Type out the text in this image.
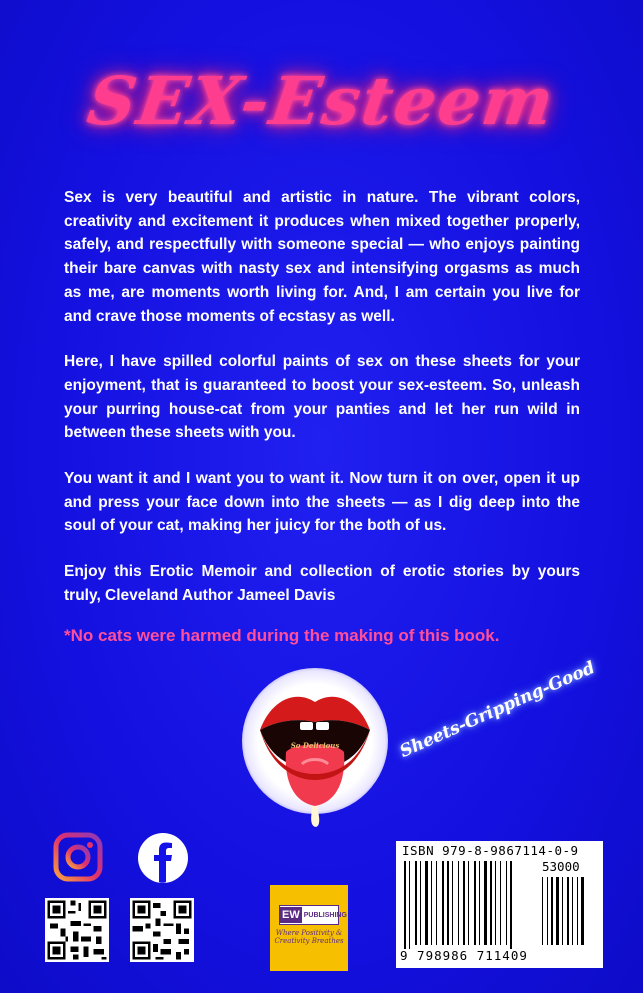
SEX-Esteem

Sex is very beautiful and artistic in nature. The vibrant colors, creativity and excitement it produces when mixed together properly, safely, and respectfully with someone special — who enjoys painting their bare canvas with nasty sex and intensifying orgasms as much as me, are moments worth living for. And, I am certain you live for and crave those moments of ecstasy as well.

Here, I have spilled colorful paints of sex on these sheets for your enjoyment, that is guaranteed to boost your sex-esteem. So, unleash your purring house-cat from your panties and let her run wild in between these sheets with you.

You want it and I want you to want it. Now turn it on over, open it up and press your face down into the sheets — as I dig deep into the soul of your cat, making her juicy for the both of us.

Enjoy this Erotic Memoir and collection of erotic stories by yours truly, Cleveland Author Jameel Davis

*No cats were harmed during the making of this book.
So Delicious	Sheets-Gripping-Good
EW PUBLISHING
Where Positivity & Creativity Breathes
ISBN 979-8-9867114-0-9
53000
9 798986 711409
